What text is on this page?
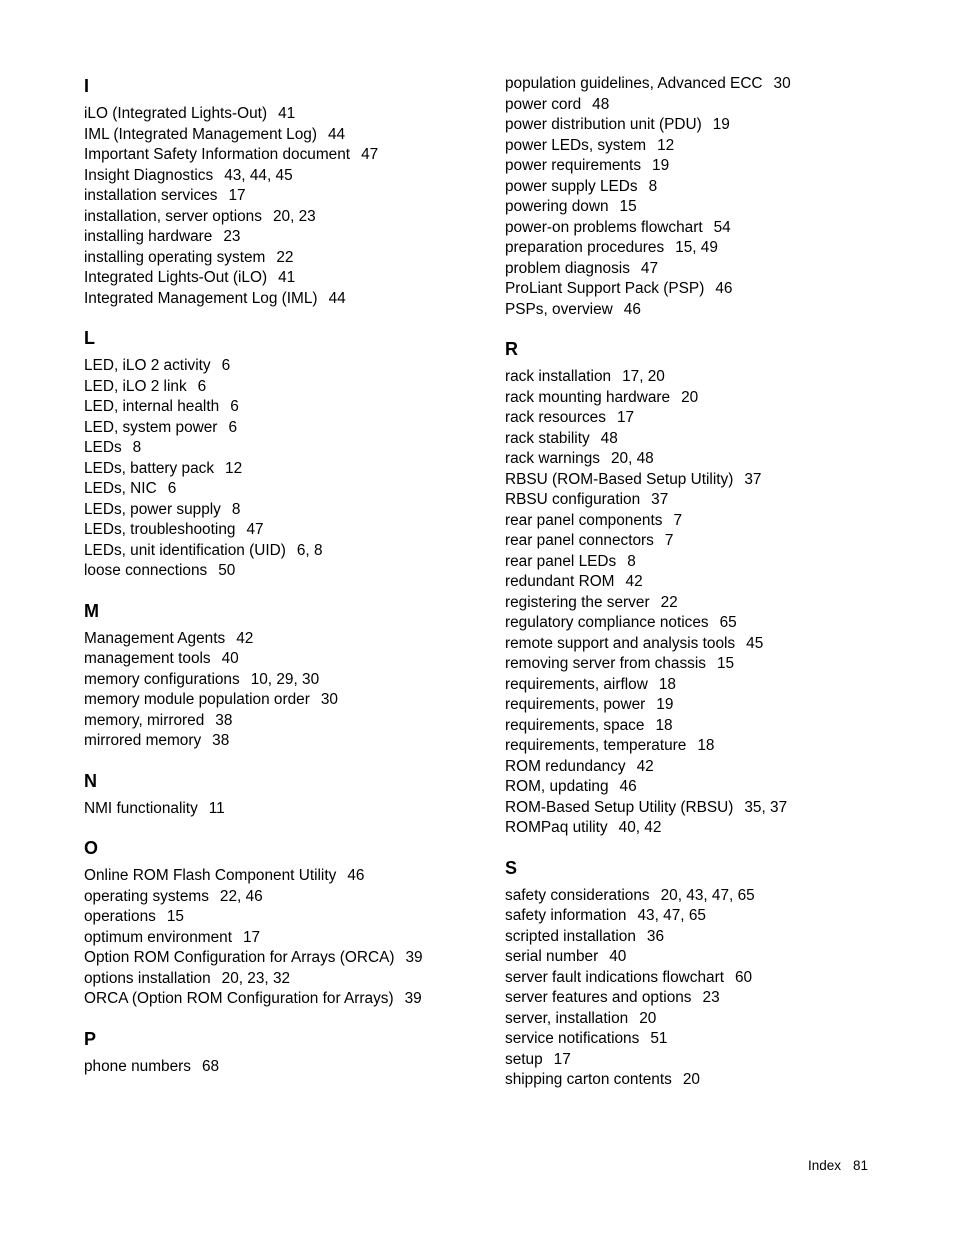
I
iLO (Integrated Lights-Out) 41
IML (Integrated Management Log) 44
Important Safety Information document 47
Insight Diagnostics 43, 44, 45
installation services 17
installation, server options 20, 23
installing hardware 23
installing operating system 22
Integrated Lights-Out (iLO) 41
Integrated Management Log (IML) 44
L
LED, iLO 2 activity 6
LED, iLO 2 link 6
LED, internal health 6
LED, system power 6
LEDs 8
LEDs, battery pack 12
LEDs, NIC 6
LEDs, power supply 8
LEDs, troubleshooting 47
LEDs, unit identification (UID) 6, 8
loose connections 50
M
Management Agents 42
management tools 40
memory configurations 10, 29, 30
memory module population order 30
memory, mirrored 38
mirrored memory 38
N
NMI functionality 11
O
Online ROM Flash Component Utility 46
operating systems 22, 46
operations 15
optimum environment 17
Option ROM Configuration for Arrays (ORCA) 39
options installation 20, 23, 32
ORCA (Option ROM Configuration for Arrays) 39
P
phone numbers 68
population guidelines, Advanced ECC 30
power cord 48
power distribution unit (PDU) 19
power LEDs, system 12
power requirements 19
power supply LEDs 8
powering down 15
power-on problems flowchart 54
preparation procedures 15, 49
problem diagnosis 47
ProLiant Support Pack (PSP) 46
PSPs, overview 46
R
rack installation 17, 20
rack mounting hardware 20
rack resources 17
rack stability 48
rack warnings 20, 48
RBSU (ROM-Based Setup Utility) 37
RBSU configuration 37
rear panel components 7
rear panel connectors 7
rear panel LEDs 8
redundant ROM 42
registering the server 22
regulatory compliance notices 65
remote support and analysis tools 45
removing server from chassis 15
requirements, airflow 18
requirements, power 19
requirements, space 18
requirements, temperature 18
ROM redundancy 42
ROM, updating 46
ROM-Based Setup Utility (RBSU) 35, 37
ROMPaq utility 40, 42
S
safety considerations 20, 43, 47, 65
safety information 43, 47, 65
scripted installation 36
serial number 40
server fault indications flowchart 60
server features and options 23
server, installation 20
service notifications 51
setup 17
shipping carton contents 20
Index 81
